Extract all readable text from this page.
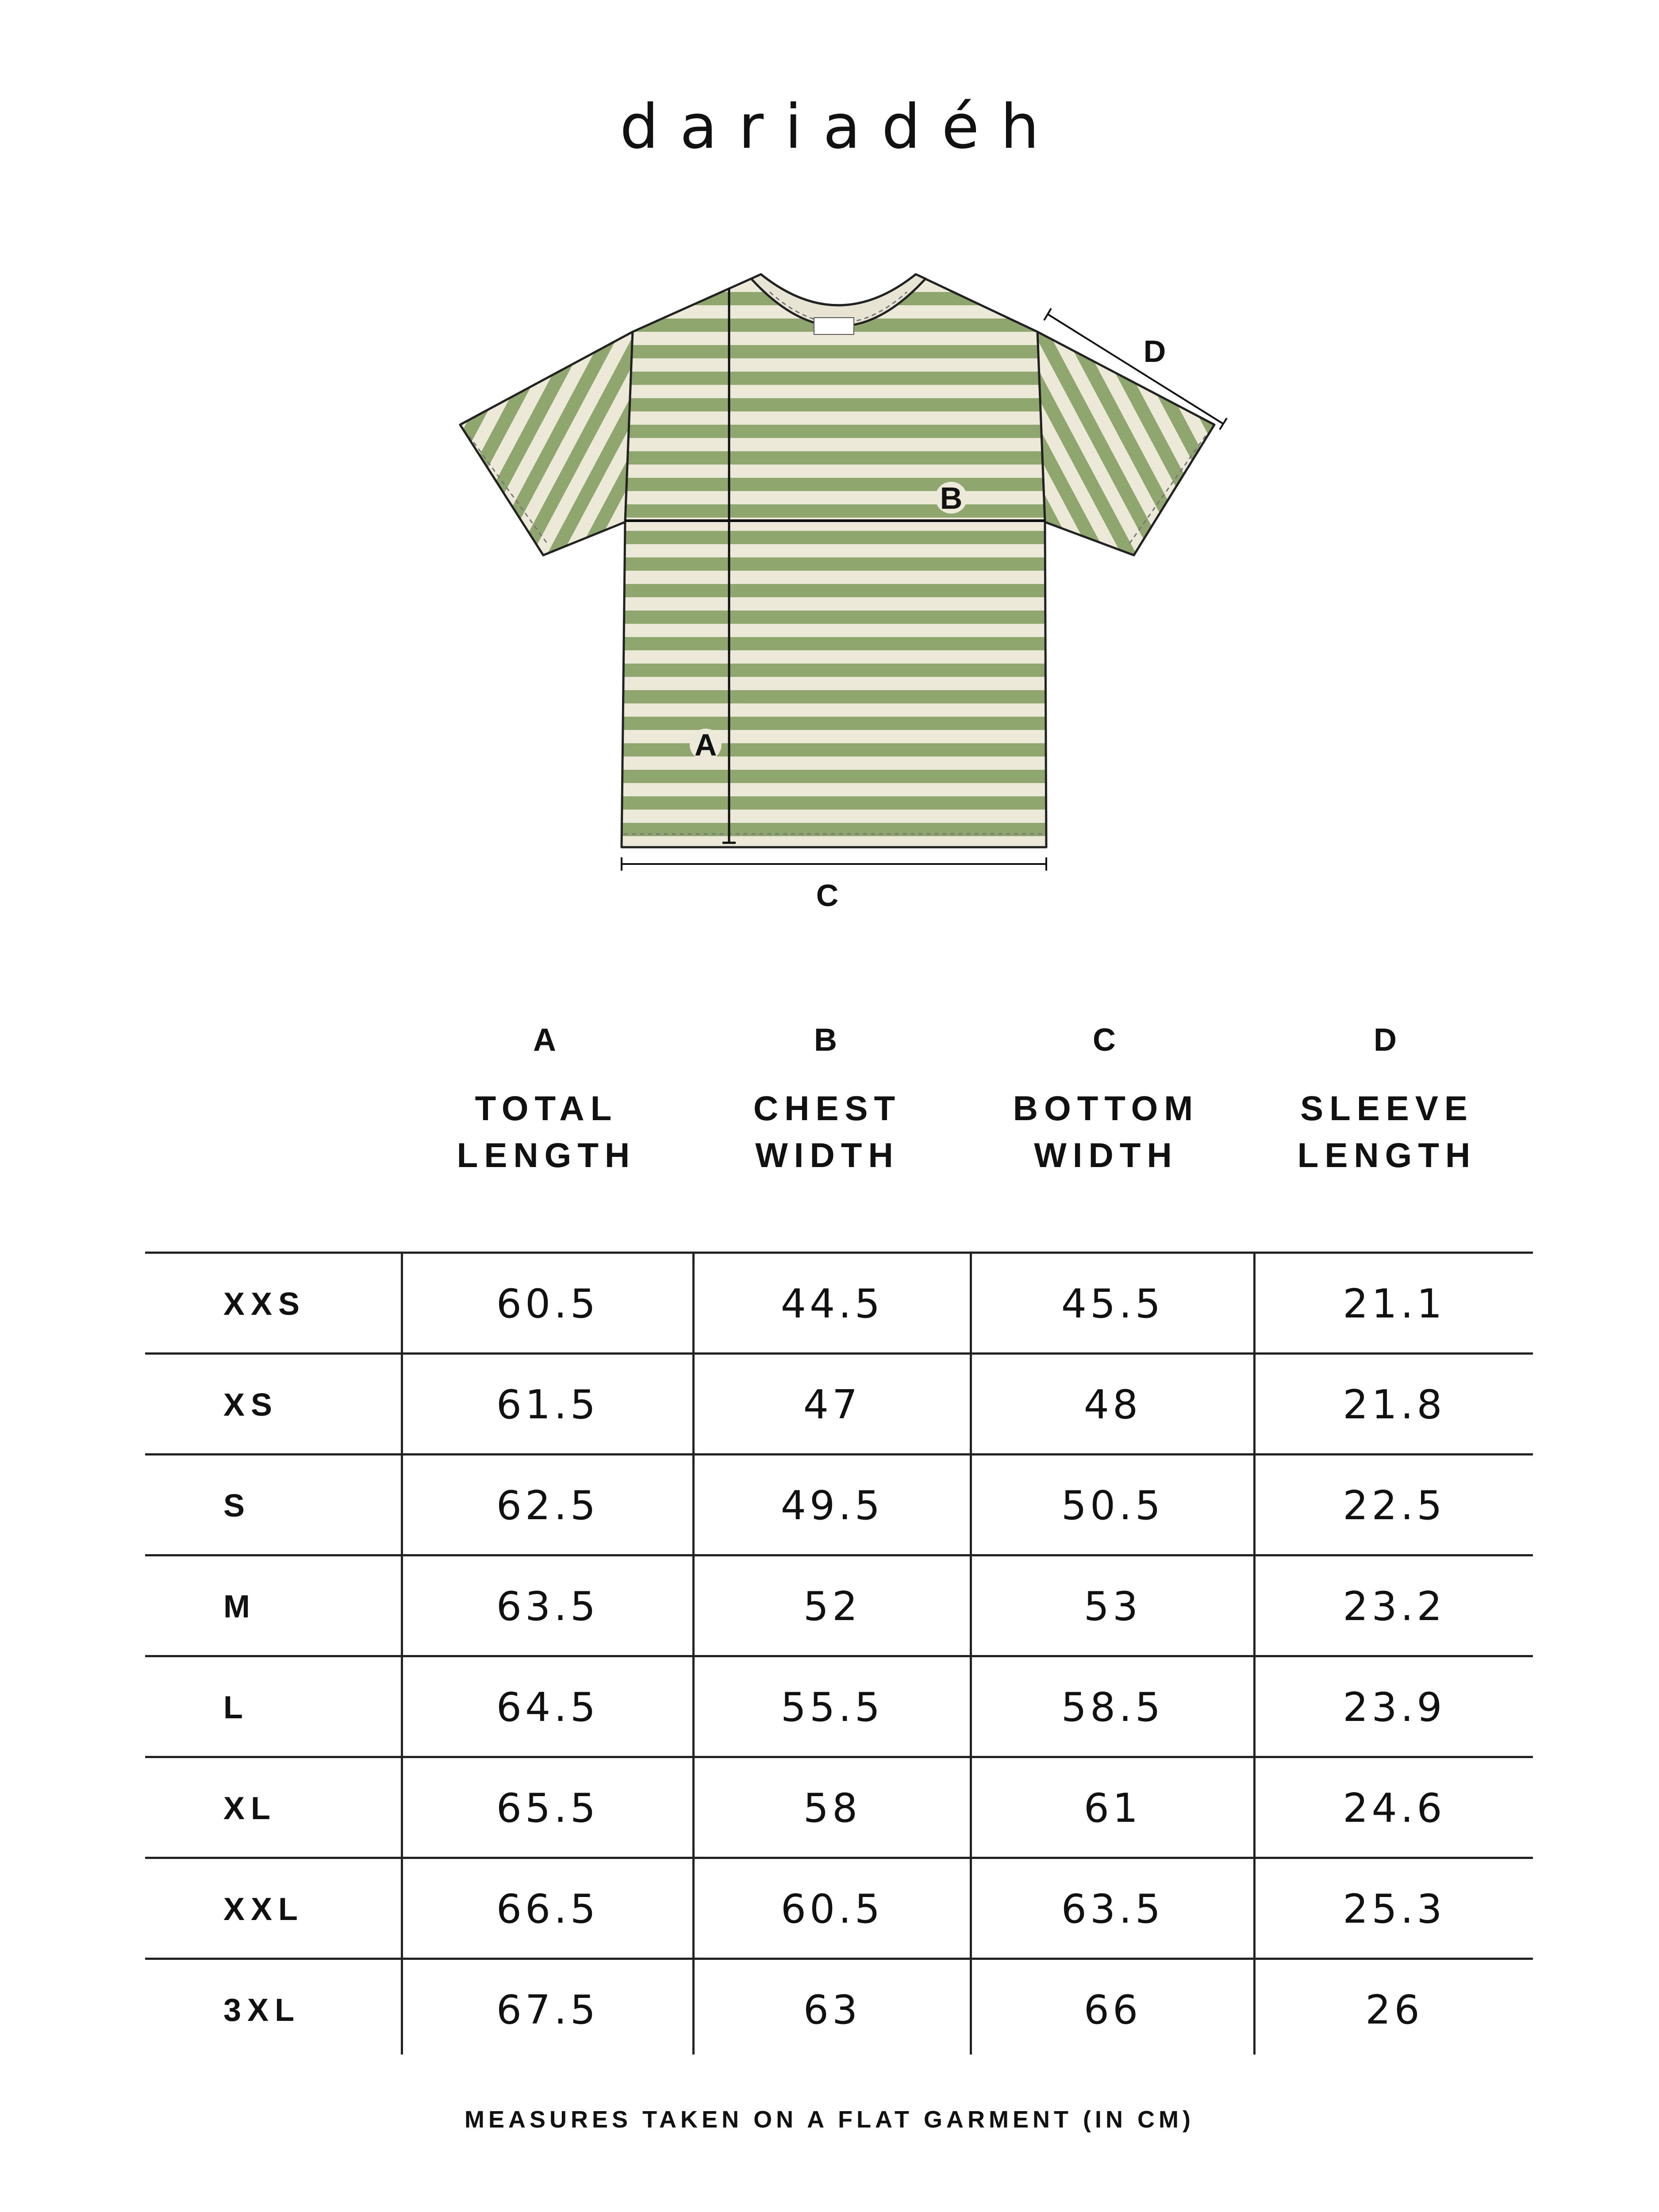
dariadéh
A
B
C
D
A
TOTAL
LENGTH
B
CHEST
WIDTH
C
BOTTOM
WIDTH
D
SLEEVE
LENGTH
XXS	60.5	44.5	45.5	21.1
XS	61.5	47	48	21.8
S	62.5	49.5	50.5	22.5
M	63.5	52	53	23.2
L	64.5	55.5	58.5	23.9
XL	65.5	58	61	24.6
XXL	66.5	60.5	63.5	25.3
3XL	67.5	63	66	26
MEASURES TAKEN ON A FLAT GARMENT (IN CM)
